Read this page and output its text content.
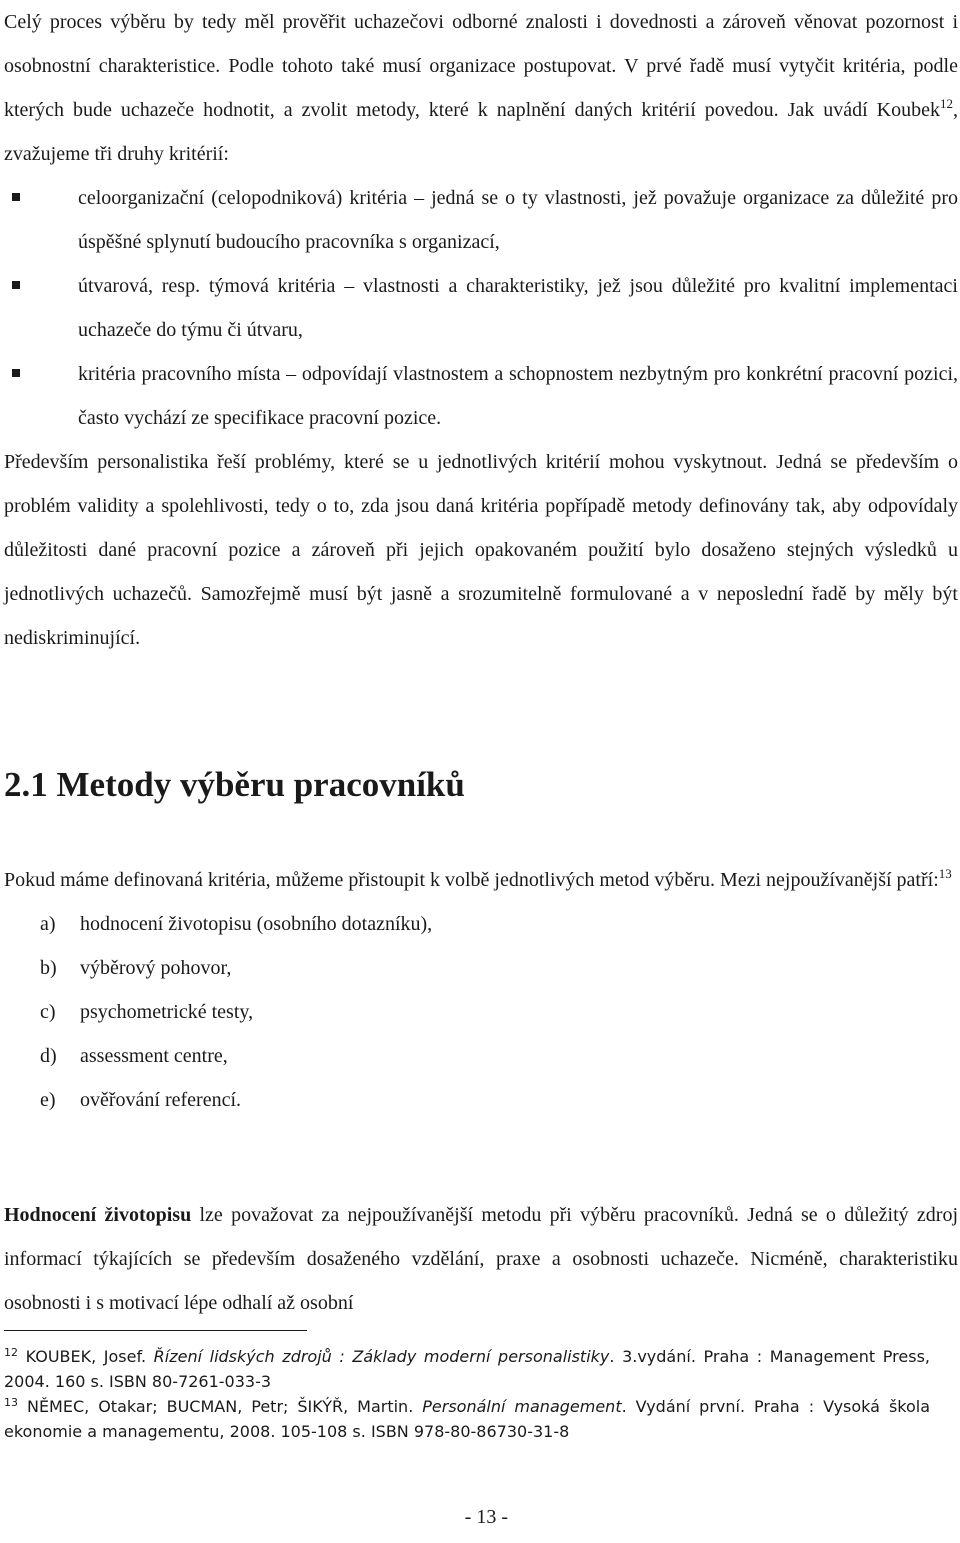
Celý proces výběru by tedy měl prověřit uchazečovi odborné znalosti i dovednosti a zároveň věnovat pozornost i osobnostní charakteristice. Podle tohoto také musí organizace postupovat. V prvé řadě musí vytyčit kritéria, podle kterých bude uchazeče hodnotit, a zvolit metody, které k naplnění daných kritérií povedou. Jak uvádí Koubek$^{12}$, zvažujeme tři druhy kritérií:

celoorganizační (celopodniková) kritéria – jedná se o ty vlastnosti, jež považuje organizace za důležité pro úspěšné splynutí budoucího pracovníka s organizací,
útvarová, resp. týmová kritéria – vlastnosti a charakteristiky, jež jsou důležité pro kvalitní implementaci uchazeče do týmu či útvaru,
kritéria pracovního místa – odpovídají vlastnostem a schopnostem nezbytným pro konkrétní pracovní pozici, často vychází ze specifikace pracovní pozice.

Především personalistika řeší problémy, které se u jednotlivých kritérií mohou vyskytnout. Jedná se především o problém validity a spolehlivosti, tedy o to, zda jsou daná kritéria popřípadě metody definovány tak, aby odpovídaly důležitosti dané pracovní pozice a zároveň při jejich opakovaném použití bylo dosaženo stejných výsledků u jednotlivých uchazečů. Samozřejmě musí být jasně a srozumitelně formulované a v neposlední řadě by měly být nediskriminující.

2.1 Metody výběru pracovníků

Pokud máme definovaná kritéria, můžeme přistoupit k volbě jednotlivých metod výběru. Mezi nejpoužívanější patří:$^{13}$

a) hodnocení životopisu (osobního dotazníku),
b) výběrový pohovor,
c) psychometrické testy,
d) assessment centre,
e) ověřování referencí.

Hodnocení životopisu lze považovat za nejpoužívanější metodu při výběru pracovníků. Jedná se o důležitý zdroj informací týkajících se především dosaženého vzdělání, praxe a osobnosti uchazeče. Nicméně, charakteristiku osobnosti i s motivací lépe odhalí až osobní

$^{12}$ KOUBEK, Josef. Řízení lidských zdrojů : Základy moderní personalistiky. 3.vydání. Praha : Management Press, 2004. 160 s. ISBN 80-7261-033-3

$^{13}$ NĚMEC, Otakar; BUCMAN, Petr; ŠIKÝŘ, Martin. Personální management. Vydání první. Praha : Vysoká škola ekonomie a managementu, 2008. 105-108 s. ISBN 978-80-86730-31-8

- 13 -
